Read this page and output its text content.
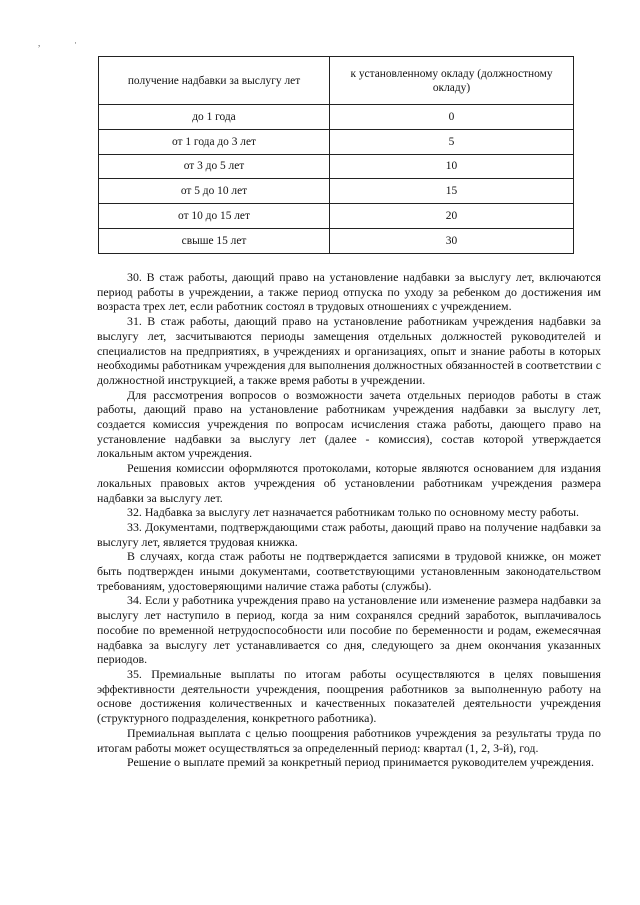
,	·
получение надбавки за выслугу лет	к установленному окладу (должностному окладу)
до 1 года	0
от 1 года до 3 лет	5
от 3 до 5 лет	10
от 5 до 10 лет	15
от 10 до 15 лет	20
свыше 15 лет	30

30. В стаж работы, дающий право на установление надбавки за выслугу лет, включаются период работы в учреждении, а также период отпуска по уходу за ребенком до достижения им возраста трех лет, если работник состоял в трудовых отношениях с учреждением.

31. В стаж работы, дающий право на установление работникам учреждения надбавки за выслугу лет, засчитываются периоды замещения отдельных должностей руководителей и специалистов на предприятиях, в учреждениях и организациях, опыт и знание работы в которых необходимы работникам учреждения для выполнения должностных обязанностей в соответствии с должностной инструкцией, а также время работы в учреждении.

Для рассмотрения вопросов о возможности зачета отдельных периодов работы в стаж работы, дающий право на установление работникам учреждения надбавки за выслугу лет, создается комиссия учреждения по вопросам исчисления стажа работы, дающего право на установление надбавки за выслугу лет (далее - комиссия), состав которой утверждается локальным актом учреждения.

Решения комиссии оформляются протоколами, которые являются основанием для издания локальных правовых актов учреждения об установлении работникам учреждения размера надбавки за выслугу лет.

32. Надбавка за выслугу лет назначается работникам только по основному месту работы.

33. Документами, подтверждающими стаж работы, дающий право на получение надбавки за выслугу лет, является трудовая книжка.

В случаях, когда стаж работы не подтверждается записями в трудовой книжке, он может быть подтвержден иными документами, соответствующими установленным законодательством требованиям, удостоверяющими наличие стажа работы (службы).

34. Если у работника учреждения право на установление или изменение размера надбавки за выслугу лет наступило в период, когда за ним сохранялся средний заработок, выплачивалось пособие по временной нетрудоспособности или пособие по беременности и родам, ежемесячная надбавка за выслугу лет устанавливается со дня, следующего за днем окончания указанных периодов.

35. Премиальные выплаты по итогам работы осуществляются в целях повышения эффективности деятельности учреждения, поощрения работников за выполненную работу на основе достижения количественных и качественных показателей деятельности учреждения (структурного подразделения, конкретного работника).

Премиальная выплата с целью поощрения работников учреждения за результаты труда по итогам работы может осуществляться за определенный период: квартал (1, 2, 3-й), год.

Решение о выплате премий за конкретный период принимается руководителем учреждения.
